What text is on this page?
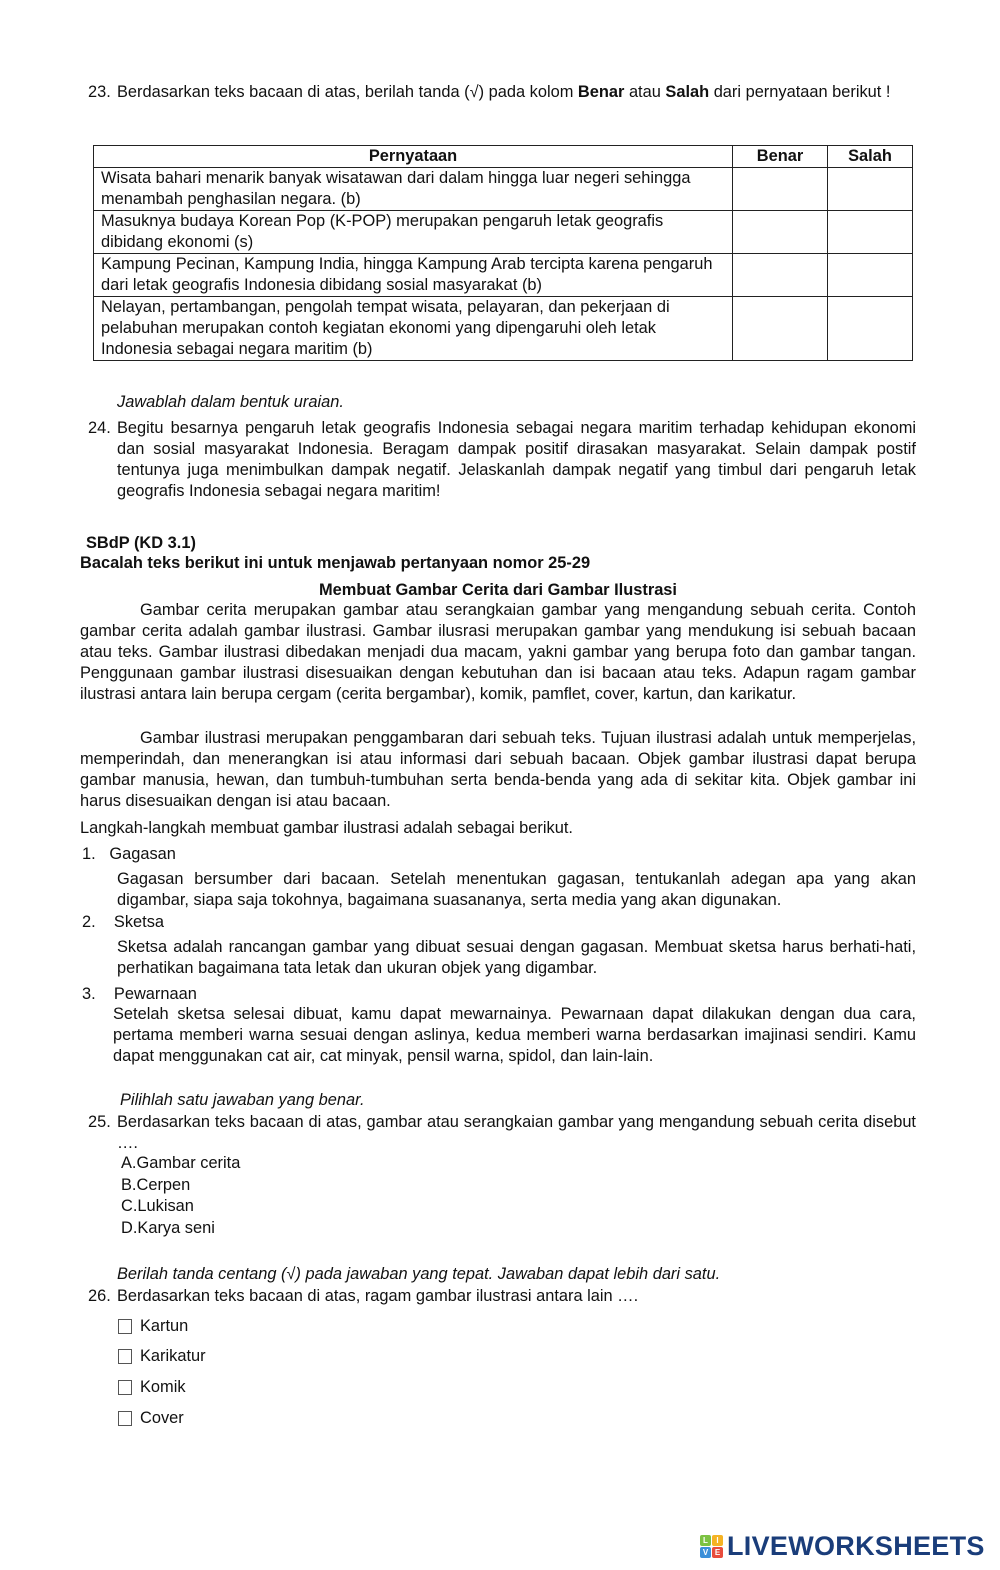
23. Berdasarkan teks bacaan di atas, berilah tanda (√) pada kolom Benar atau Salah dari pernyataan berikut !
Pernyataan	Benar	Salah
Wisata bahari menarik banyak wisatawan dari dalam hingga luar negeri sehingga menambah penghasilan negara. (b)		
Masuknya budaya Korean Pop (K-POP) merupakan pengaruh letak geografis dibidang ekonomi (s)		
Kampung Pecinan, Kampung India, hingga Kampung Arab tercipta karena pengaruh dari letak geografis Indonesia dibidang sosial masyarakat (b)		
Nelayan, pertambangan, pengolah tempat wisata, pelayaran, dan pekerjaan di pelabuhan merupakan contoh kegiatan ekonomi yang dipengaruhi oleh letak Indonesia sebagai negara maritim (b)		
Jawablah dalam bentuk uraian.
24. Begitu besarnya pengaruh letak geografis Indonesia sebagai negara maritim terhadap kehidupan ekonomi dan sosial masyarakat Indonesia. Beragam dampak positif dirasakan masyarakat. Selain dampak postif tentunya juga menimbulkan dampak negatif. Jelaskanlah dampak negatif yang timbul dari pengaruh letak geografis Indonesia sebagai negara maritim!
SBdP (KD 3.1)
Bacalah teks berikut ini untuk menjawab pertanyaan nomor 25-29
Membuat Gambar Cerita dari Gambar Ilustrasi
Gambar cerita merupakan gambar atau serangkaian gambar yang mengandung sebuah cerita. Contoh gambar cerita adalah gambar ilustrasi. Gambar ilusrasi merupakan gambar yang mendukung isi sebuah bacaan atau teks. Gambar ilustrasi dibedakan menjadi dua macam, yakni gambar yang berupa foto dan gambar tangan. Penggunaan gambar ilustrasi disesuaikan dengan kebutuhan dan isi bacaan atau teks. Adapun ragam gambar ilustrasi antara lain berupa cergam (cerita bergambar), komik, pamflet, cover, kartun, dan karikatur.
Gambar ilustrasi merupakan penggambaran dari sebuah teks. Tujuan ilustrasi adalah untuk memperjelas, memperindah, dan menerangkan isi atau informasi dari sebuah bacaan. Objek gambar ilustrasi dapat berupa gambar manusia, hewan, dan tumbuh-tumbuhan serta benda-benda yang ada di sekitar kita. Objek gambar ini harus disesuaikan dengan isi atau bacaan.
Langkah-langkah membuat gambar ilustrasi adalah sebagai berikut.
1. Gagasan
Gagasan bersumber dari bacaan. Setelah menentukan gagasan, tentukanlah adegan apa yang akan digambar, siapa saja tokohnya, bagaimana suasananya, serta media yang akan digunakan.
2. Sketsa
Sketsa adalah rancangan gambar yang dibuat sesuai dengan gagasan. Membuat sketsa harus berhati-hati, perhatikan bagaimana tata letak dan ukuran objek yang digambar.
3. Pewarnaan
Setelah sketsa selesai dibuat, kamu dapat mewarnainya. Pewarnaan dapat dilakukan dengan dua cara, pertama memberi warna sesuai dengan aslinya, kedua memberi warna berdasarkan imajinasi sendiri. Kamu dapat menggunakan cat air, cat minyak, pensil warna, spidol, dan lain-lain.
Pilihlah satu jawaban yang benar.
25. Berdasarkan teks bacaan di atas, gambar atau serangkaian gambar yang mengandung sebuah cerita disebut ….
A.Gambar cerita
B.Cerpen
C.Lukisan
D.Karya seni
Berilah tanda centang (√) pada jawaban yang tepat. Jawaban dapat lebih dari satu.
26. Berdasarkan teks bacaan di atas, ragam gambar ilustrasi antara lain ….
Kartun
Karikatur
Komik
Cover
L	I
V E LIVEWORKSHEETS
